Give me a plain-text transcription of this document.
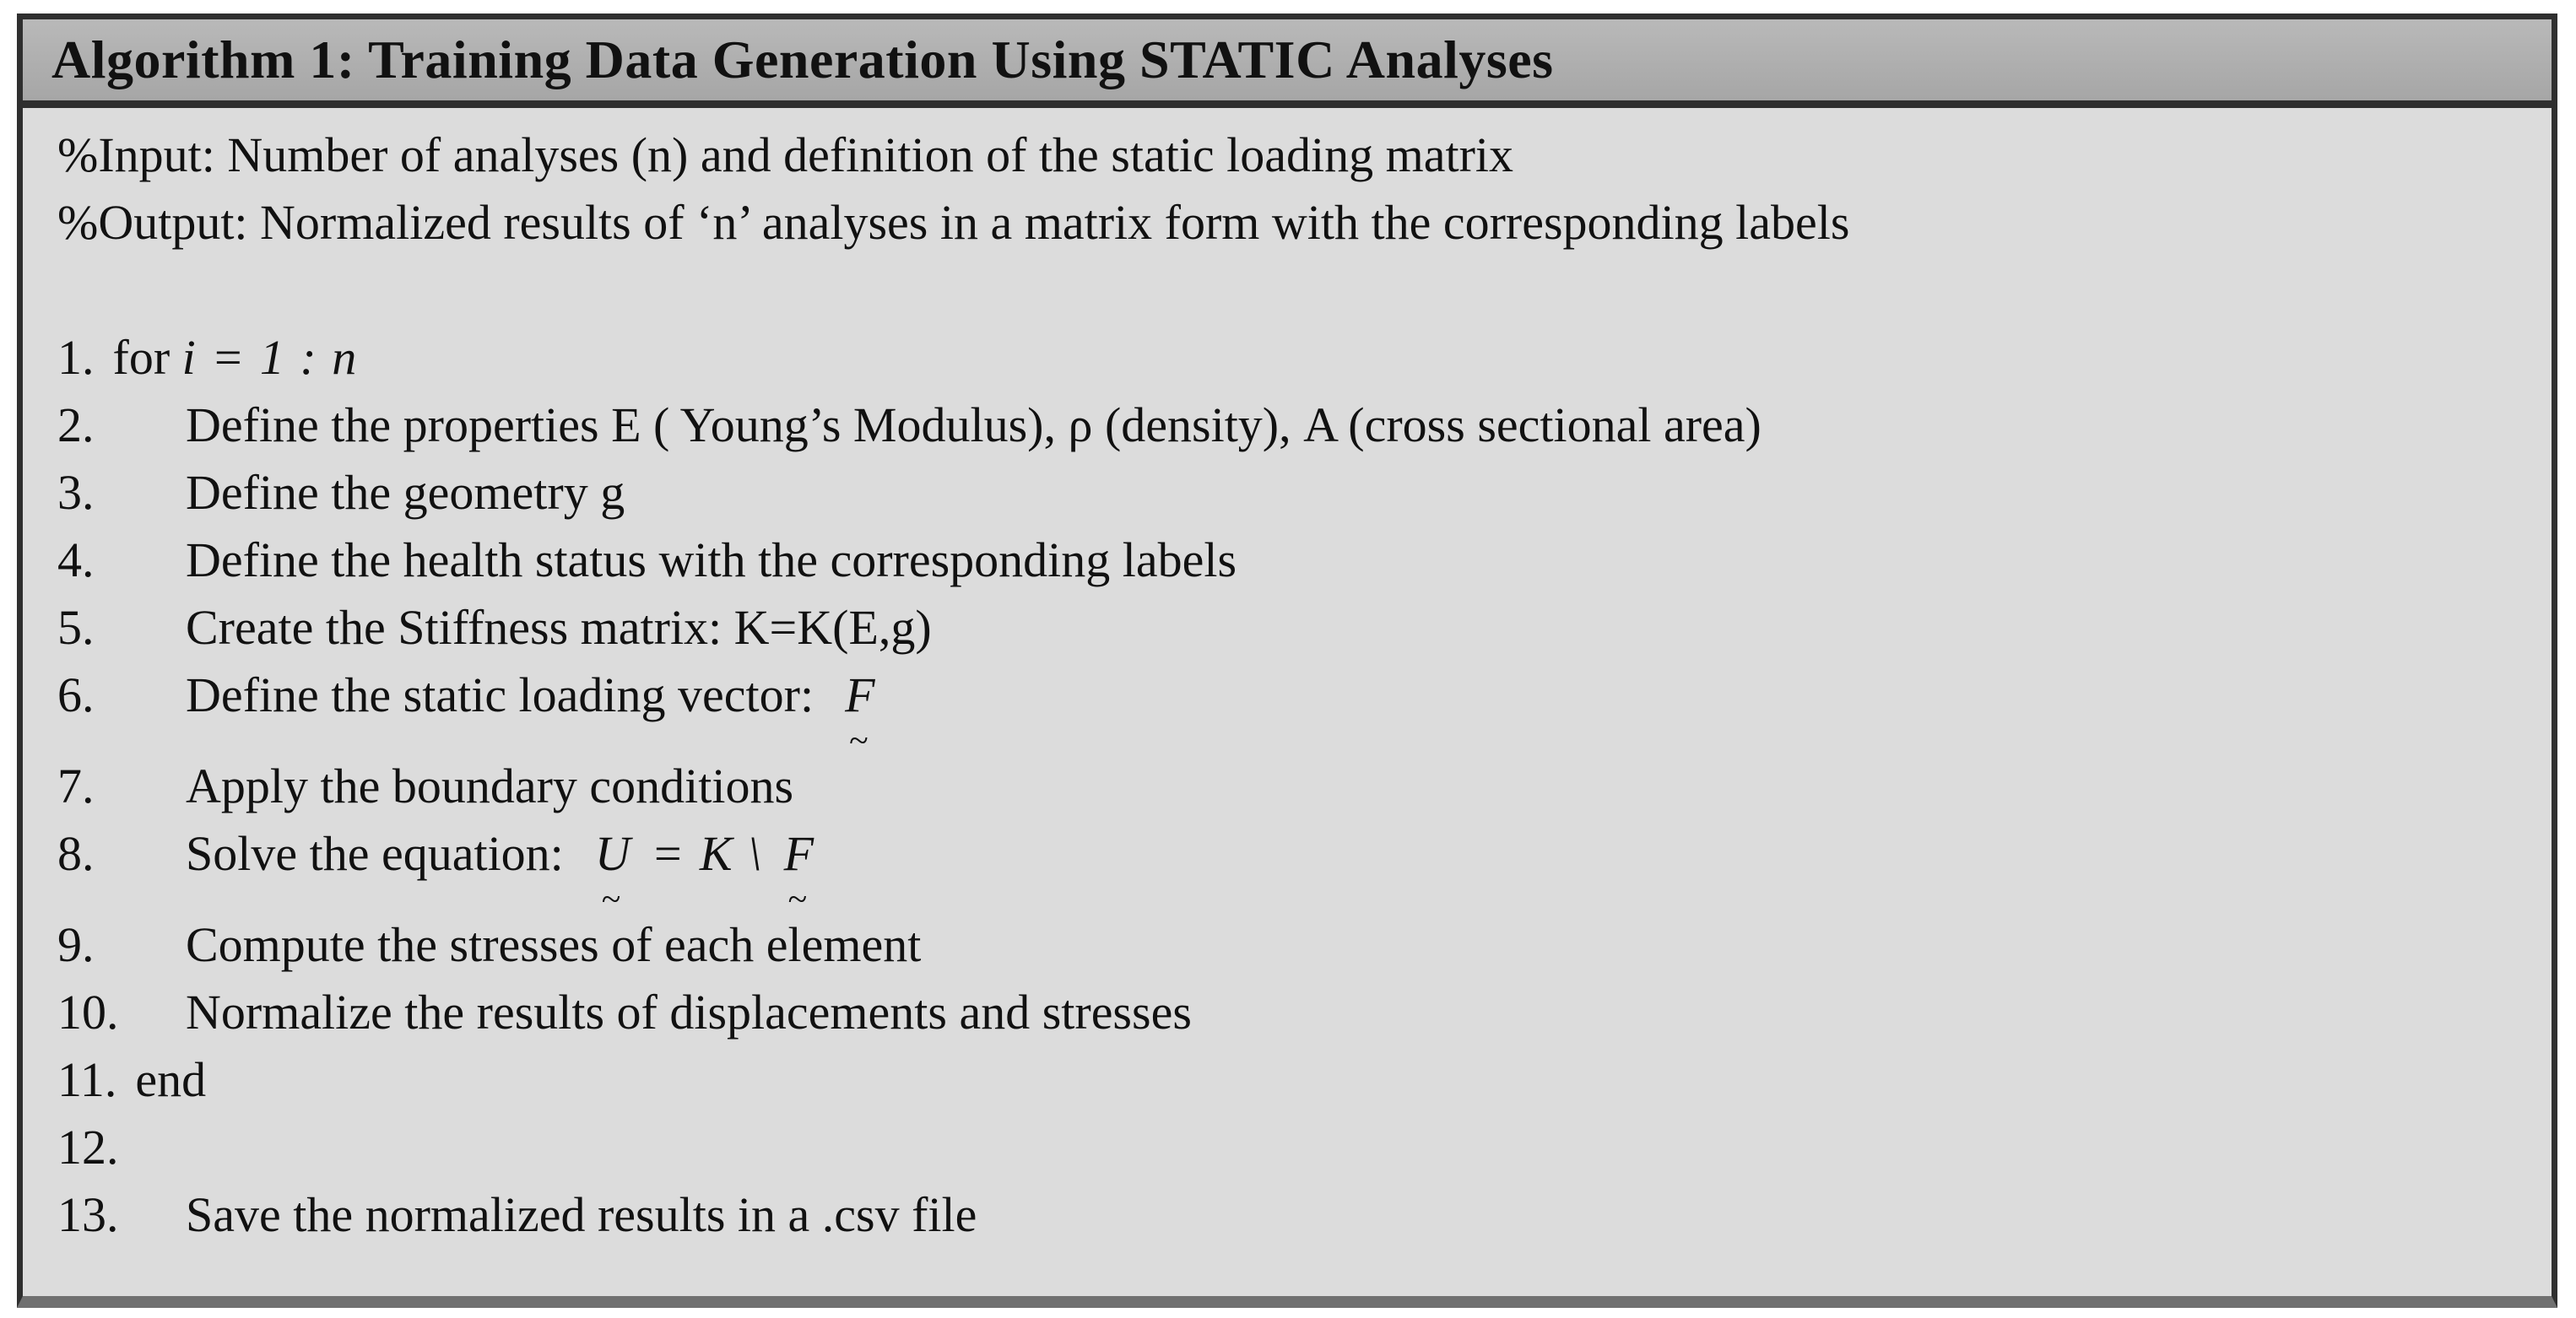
Algorithm 1: Training Data Generation Using STATIC Analyses
%Input: Number of analyses (n) and definition of the static loading matrix
%Output: Normalized results of ‘n’ analyses in a matrix form with the corresponding labels
1. for i = 1 : n
2.	Define the properties E ( Young’s Modulus), ρ (density), A (cross sectional area)
3.	Define the geometry g
4.	Define the health status with the corresponding labels
5.	Create the Stiffness matrix: K=K(E,g)
6.	Define the static loading vector:  F
~
7.	Apply the boundary conditions
8.	Solve the equation:  U
~
= K \ F
~
9.	Compute the stresses of each element
10.	Normalize the results of displacements and stresses
11. end
12.
13.	Save the normalized results in a .csv file
